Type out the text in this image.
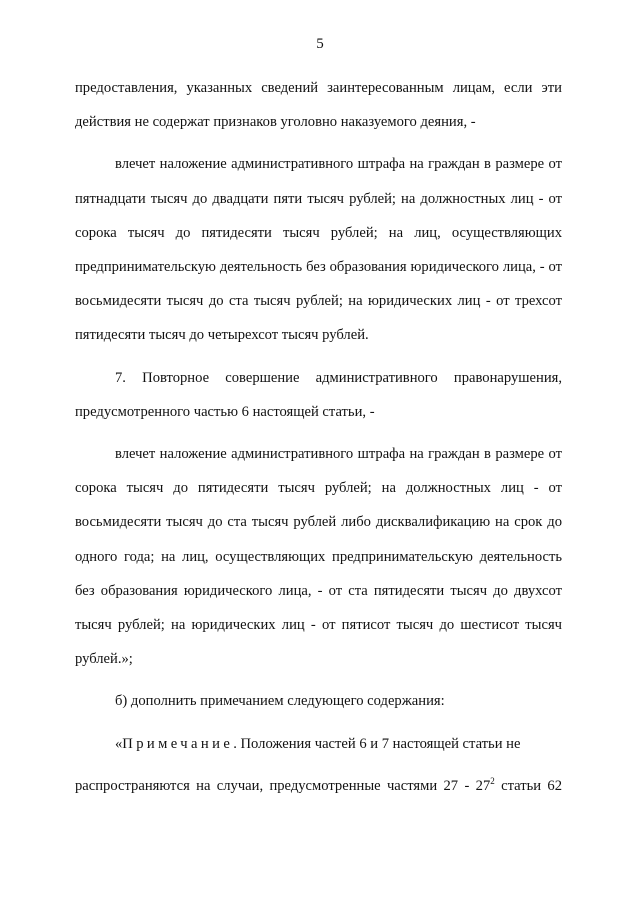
5

предоставления, указанных сведений заинтересованным лицам, если эти действия не содержат признаков уголовно наказуемого деяния, -

влечет наложение административного штрафа на граждан в размере от пятнадцати тысяч до двадцати пяти тысяч рублей; на должностных лиц - от сорока тысяч до пятидесяти тысяч рублей; на лиц, осуществляющих предпринимательскую деятельность без образования юридического лица, - от восьмидесяти тысяч до ста тысяч рублей; на юридических лиц - от трехсот пятидесяти тысяч до четырехсот тысяч рублей.

7. Повторное совершение административного правонарушения, предусмотренного частью 6 настоящей статьи, -

влечет наложение административного штрафа на граждан в размере от сорока тысяч до пятидесяти тысяч рублей; на должностных лиц - от восьмидесяти тысяч до ста тысяч рублей либо дисквалификацию на срок до одного года; на лиц, осуществляющих предпринимательскую деятельность без образования юридического лица, - от ста пятидесяти тысяч до двухсот тысяч рублей; на юридических лиц - от пятисот тысяч до шестисот тысяч рублей.»;

б) дополнить примечанием следующего содержания:

«Примечание. Положения частей 6 и 7 настоящей статьи не

распространяются на случаи, предусмотренные частями $27 - 27^2$ статьи 62
